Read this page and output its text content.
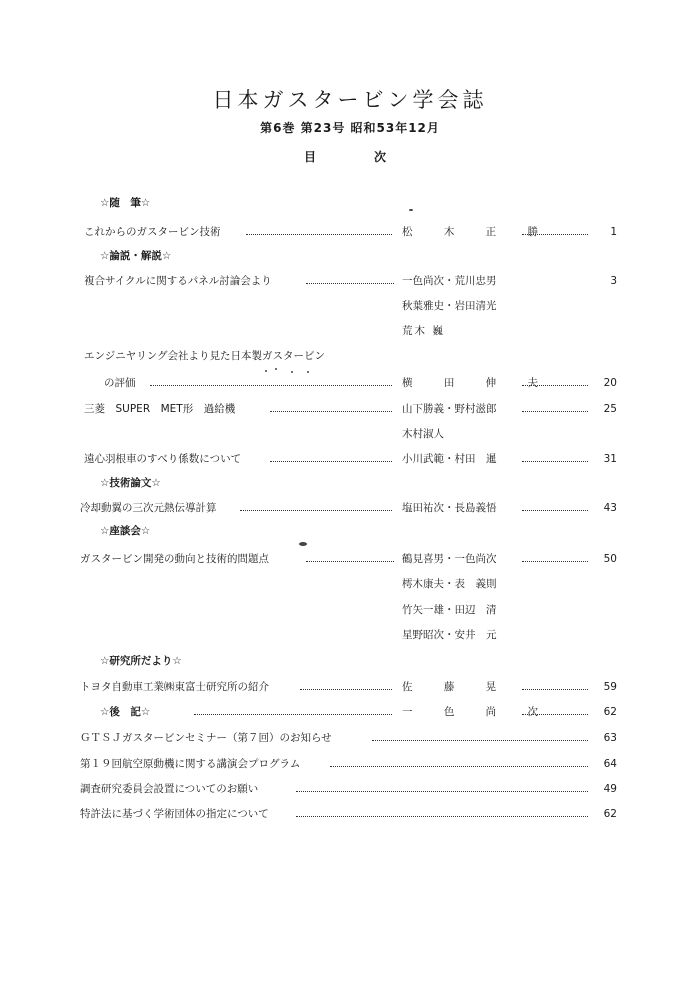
日本ガスタービン学会誌
第6巻 第23号 昭和53年12月
目	次
☆随　筆☆
これからのガスタービン技術	松 木 正 勝	1
☆論説・解説☆
複合サイクルに関するパネル討論会より	一色尚次・荒川忠男	3
秋葉雅史・岩田清光
荒木 巍
エンジニヤリング会社より見た日本製ガスタービン
の評価	横 田 伸 夫	20
三菱　SUPER　MET形　過給機	山下勝義・野村滋郎	25
木村淑人
遠心羽根車のすべり係数について	小川武範・村田　暹	31
☆技術論文☆
冷却動翼の三次元熱伝導計算	塩田祐次・長島義悟	43
☆座談会☆
ガスタービン開発の動向と技術的問題点	鶴見喜男・一色尚次	50
樗木康夫・表　義則
竹矢一雄・田辺　清
星野昭次・安井　元
☆研究所だより☆
トヨタ自動車工業㈱東富士研究所の紹介	佐 藤 晃	59
☆後　記☆	一 色 尚 次	62
ＧＴＳＪガスタービンセミナー（第７回）のお知らせ	63
第１９回航空原動機に関する講演会プログラム	64
調査研究委員会設置についてのお願い	49
特許法に基づく学術団体の指定について	62
